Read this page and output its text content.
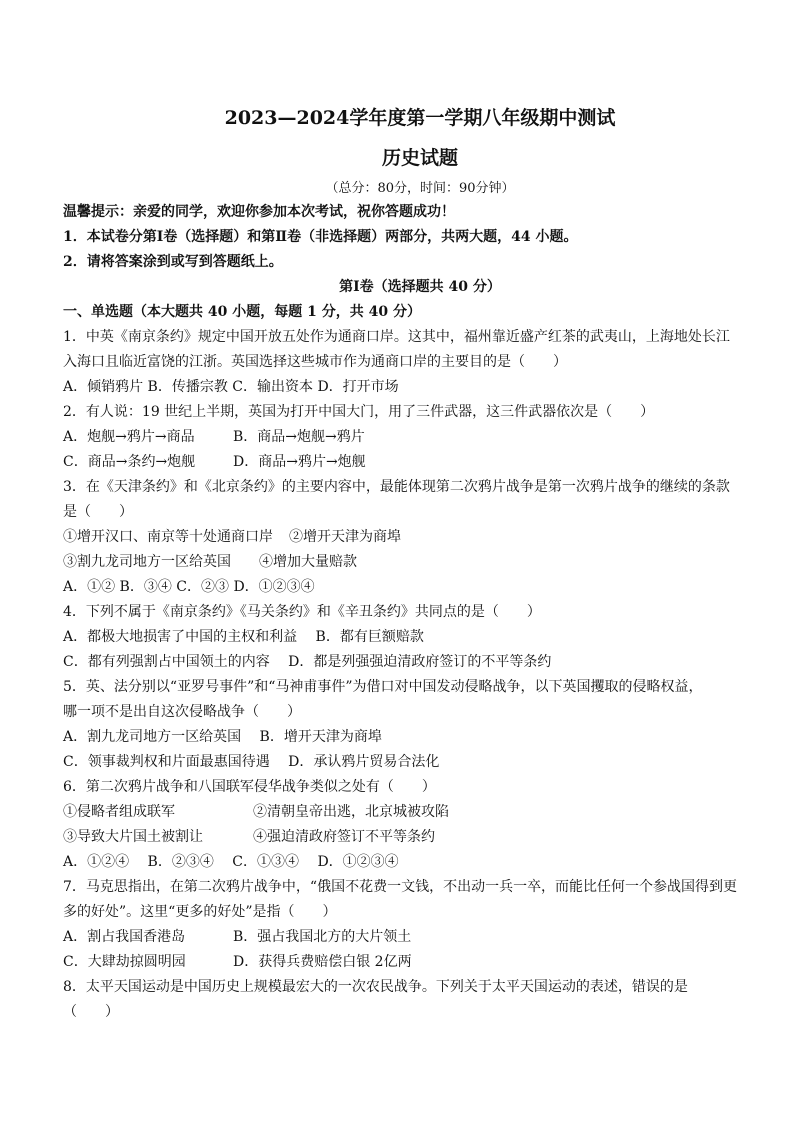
2023—2024学年度第一学期八年级期中测试
历史试题
（总分：80分，时间：90分钟）
温馨提示：亲爱的同学，欢迎你参加本次考试，祝你答题成功！
1．本试卷分第Ⅰ卷（选择题）和第Ⅱ卷（非选择题）两部分，共两大题，44 小题。
2．请将答案涂到或写到答题纸上。
第Ⅰ卷（选择题共 40 分）
一、单选题（本大题共 40 小题，每题 1 分，共 40 分）
1．中英《南京条约》规定中国开放五处作为通商口岸。这其中，福州靠近盛产红茶的武夷山，上海地处长江
入海口且临近富饶的江浙。英国选择这些城市作为通商口岸的主要目的是（　　）
A．倾销鸦片 B．传播宗教 C．输出资本 D．打开市场
2．有人说：19 世纪上半期，英国为打开中国大门，用了三件武器，这三件武器依次是（　　）
A．炮舰→鸦片→商品	B．商品→炮舰→鸦片
C．商品→条约→炮舰	D．商品→鸦片→炮舰
3．在《天津条约》和《北京条约》的主要内容中，最能体现第二次鸦片战争是第一次鸦片战争的继续的条款
是（　　）
①增开汉口、南京等十处通商口岸	②增开天津为商埠
③割九龙司地方一区给英国	④增加大量赔款
A．①② B．③④ C．②③ D．①②③④
4．下列不属于《南京条约》《马关条约》和《辛丑条约》共同点的是（　　）
A．都极大地损害了中国的主权和利益　 B．都有巨额赔款
C．都有列强割占中国领土的内容　 D．都是列强强迫清政府签订的不平等条约
5．英、法分别以“亚罗号事件”和“马神甫事件”为借口对中国发动侵略战争，以下英国攫取的侵略权益，
哪一项不是出自这次侵略战争（　　）
A．割九龙司地方一区给英国　 B．增开天津为商埠
C．领事裁判权和片面最惠国待遇　 D．承认鸦片贸易合法化
6．第二次鸦片战争和八国联军侵华战争类似之处有（　　）
①侵略者组成联军	②清朝皇帝出逃，北京城被攻陷
③导致大片国土被割让	④强迫清政府签订不平等条约
A．①②④　 B．②③④　 C．①③④　 D．①②③④
7．马克思指出，在第二次鸦片战争中，“俄国不花费一文钱，不出动一兵一卒，而能比任何一个参战国得到更
多的好处”。这里“更多的好处”是指（　　）
A．割占我国香港岛	B．强占我国北方的大片领土
C．大肆劫掠圆明园	D．获得兵费赔偿白银 2亿两
8．太平天国运动是中国历史上规模最宏大的一次农民战争。下列关于太平天国运动的表述，错误的是
（　　）
